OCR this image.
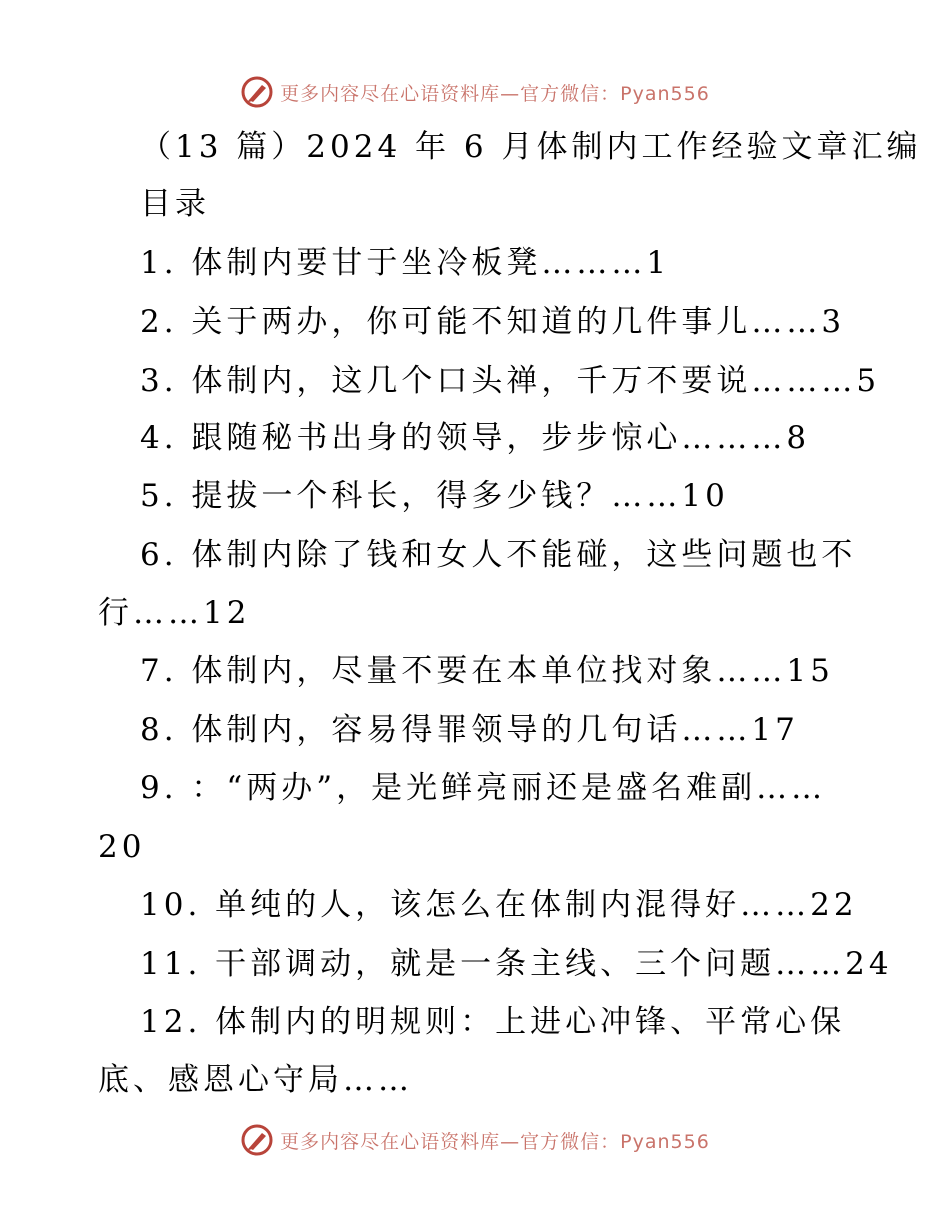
更多内容尽在心语资料库—官方微信：Pyan556
（13 篇）2024 年 6 月体制内工作经验文章汇编
目录
1. 体制内要甘于坐冷板凳………1
2. 关于两办，你可能不知道的几件事儿……3
3. 体制内，这几个口头禅，千万不要说………5
4. 跟随秘书出身的领导，步步惊心………8
5. 提拔一个科长，得多少钱？……10
6. 体制内除了钱和女人不能碰，这些问题也不
行……12
7. 体制内，尽量不要在本单位找对象……15
8. 体制内，容易得罪领导的几句话……17
9. ：“两办”，是光鲜亮丽还是盛名难副……
20
10. 单纯的人，该怎么在体制内混得好……22
11. 干部调动，就是一条主线、三个问题……24
12. 体制内的明规则：上进心冲锋、平常心保
底、感恩心守局……
更多内容尽在心语资料库—官方微信：Pyan556
